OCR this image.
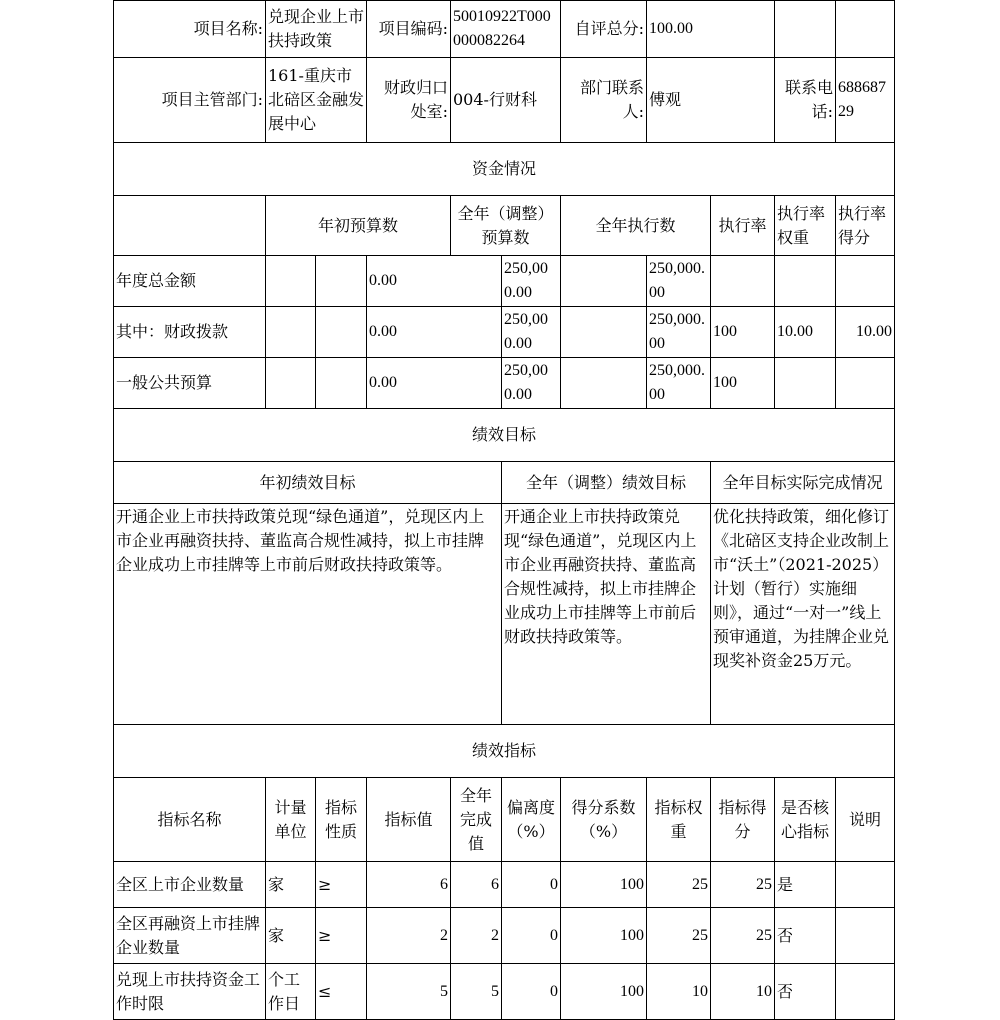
项目名称:	兑现企业上市扶持政策		项目编码:	50010922T000000082264		自评总分:	100.00			
项目主管部门:	161-重庆市北碚区金融发展中心		财政归口处室:	004-行财科		部门联系人:	傅观		联系电话:	68868729
资金情况										
	年初预算数			全年（调整）预算数		全年执行数		执行率	执行率权重	执行率得分
年度总金额			0.00		250,000.00		250,000.00			
其中：财政拨款			0.00		250,000.00		250,000.00	100	10.00	10.00
一般公共预算			0.00		250,000.00		250,000.00	100		
绩效目标										
年初绩效目标					全年（调整）绩效目标			全年目标实际完成情况		
开通企业上市扶持政策兑现“绿色通道”，兑现区内上市企业再融资扶持、董监高合规性减持，拟上市挂牌企业成功上市挂牌等上市前后财政扶持政策等。					开通企业上市扶持政策兑现“绿色通道”，兑现区内上市企业再融资扶持、董监高合规性减持，拟上市挂牌企业成功上市挂牌等上市前后财政扶持政策等。			优化扶持政策，细化修订《北碚区支持企业改制上市“沃土”（2021-2025）计划（暂行）实施细则》，通过“一对一”线上预审通道，为挂牌企业兑现奖补资金25万元。		
绩效指标										
指标名称	计量单位	指标性质	指标值	全年完成值	偏离度（%）	得分系数（%）	指标权重	指标得分	是否核心指标	说明
全区上市企业数量	家	≥	6	6	0	100	25	25	是	
全区再融资上市挂牌企业数量	家	≥	2	2	0	100	25	25	否	
兑现上市扶持资金工作时限	个工作日	≤	5	5	0	100	10	10	否	
